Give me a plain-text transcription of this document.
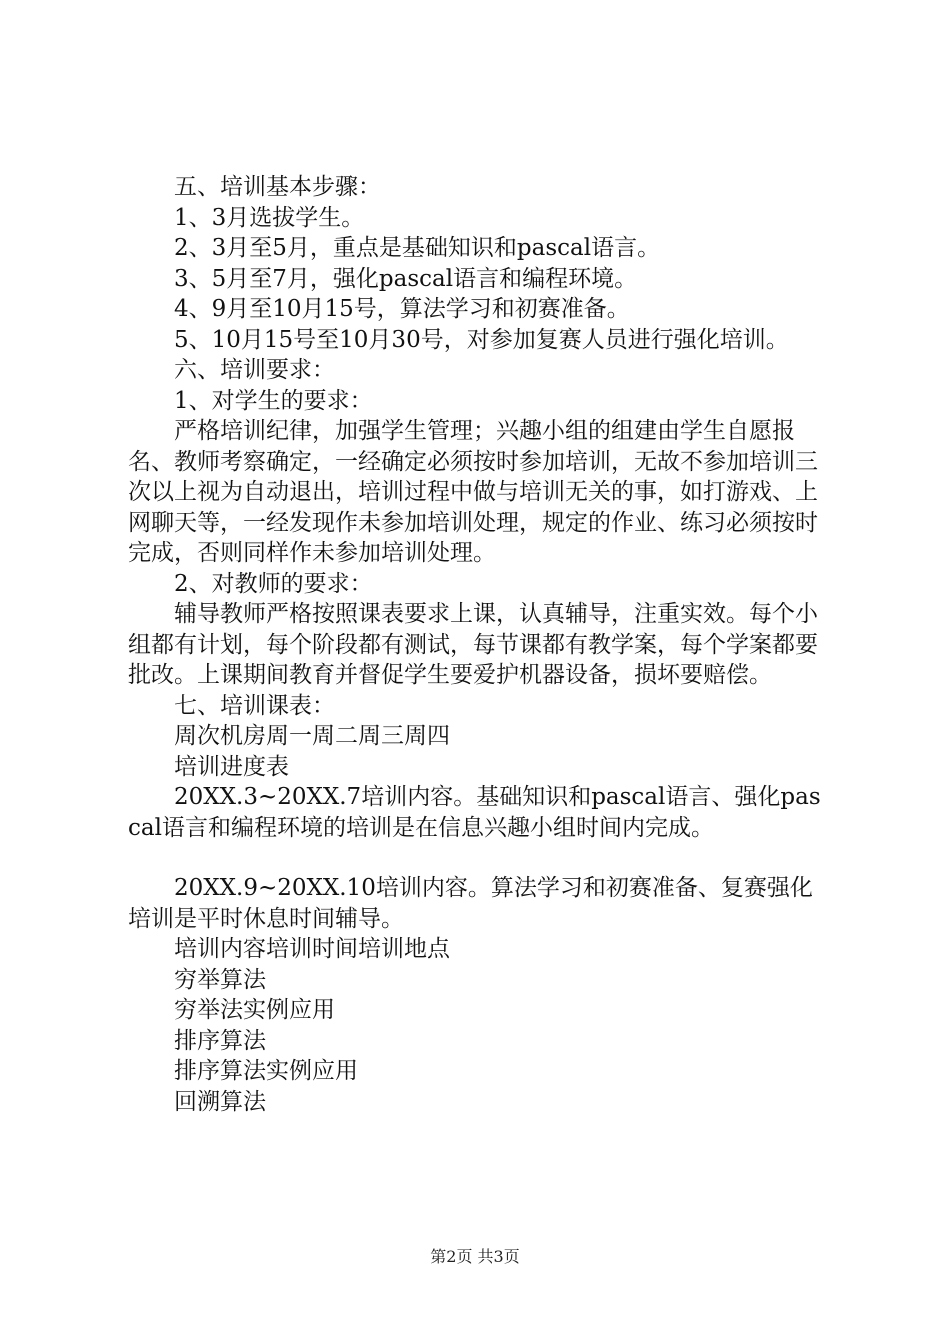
　　五、培训基本步骤：

　　1、3月选拔学生。

　　2、3月至5月，重点是基础知识和pascal语言。

　　3、5月至7月，强化pascal语言和编程环境。

　　4、9月至10月15号，算法学习和初赛准备。

　　5、10月15号至10月30号，对参加复赛人员进行强化培训。

　　六、培训要求：

　　1、对学生的要求：

　　严格培训纪律，加强学生管理；兴趣小组的组建由学生自愿报名、教师考察确定，一经确定必须按时参加培训，无故不参加培训三次以上视为自动退出，培训过程中做与培训无关的事，如打游戏、上网聊天等，一经发现作未参加培训处理，规定的作业、练习必须按时完成，否则同样作未参加培训处理。

　　2、对教师的要求：

　　辅导教师严格按照课表要求上课，认真辅导，注重实效。每个小组都有计划，每个阶段都有测试，每节课都有教学案，每个学案都要批改。上课期间教育并督促学生要爱护机器设备，损坏要赔偿。

　　七、培训课表：

　　周次机房周一周二周三周四

　　培训进度表

　　20XX.3~20XX.7培训内容。基础知识和pascal语言、强化pascal语言和编程环境的培训是在信息兴趣小组时间内完成。

　　20XX.9~20XX.10培训内容。算法学习和初赛准备、复赛强化培训是平时休息时间辅导。

　　培训内容培训时间培训地点

　　穷举算法

　　穷举法实例应用

　　排序算法

　　排序算法实例应用

　　回溯算法

第2页 共3页
